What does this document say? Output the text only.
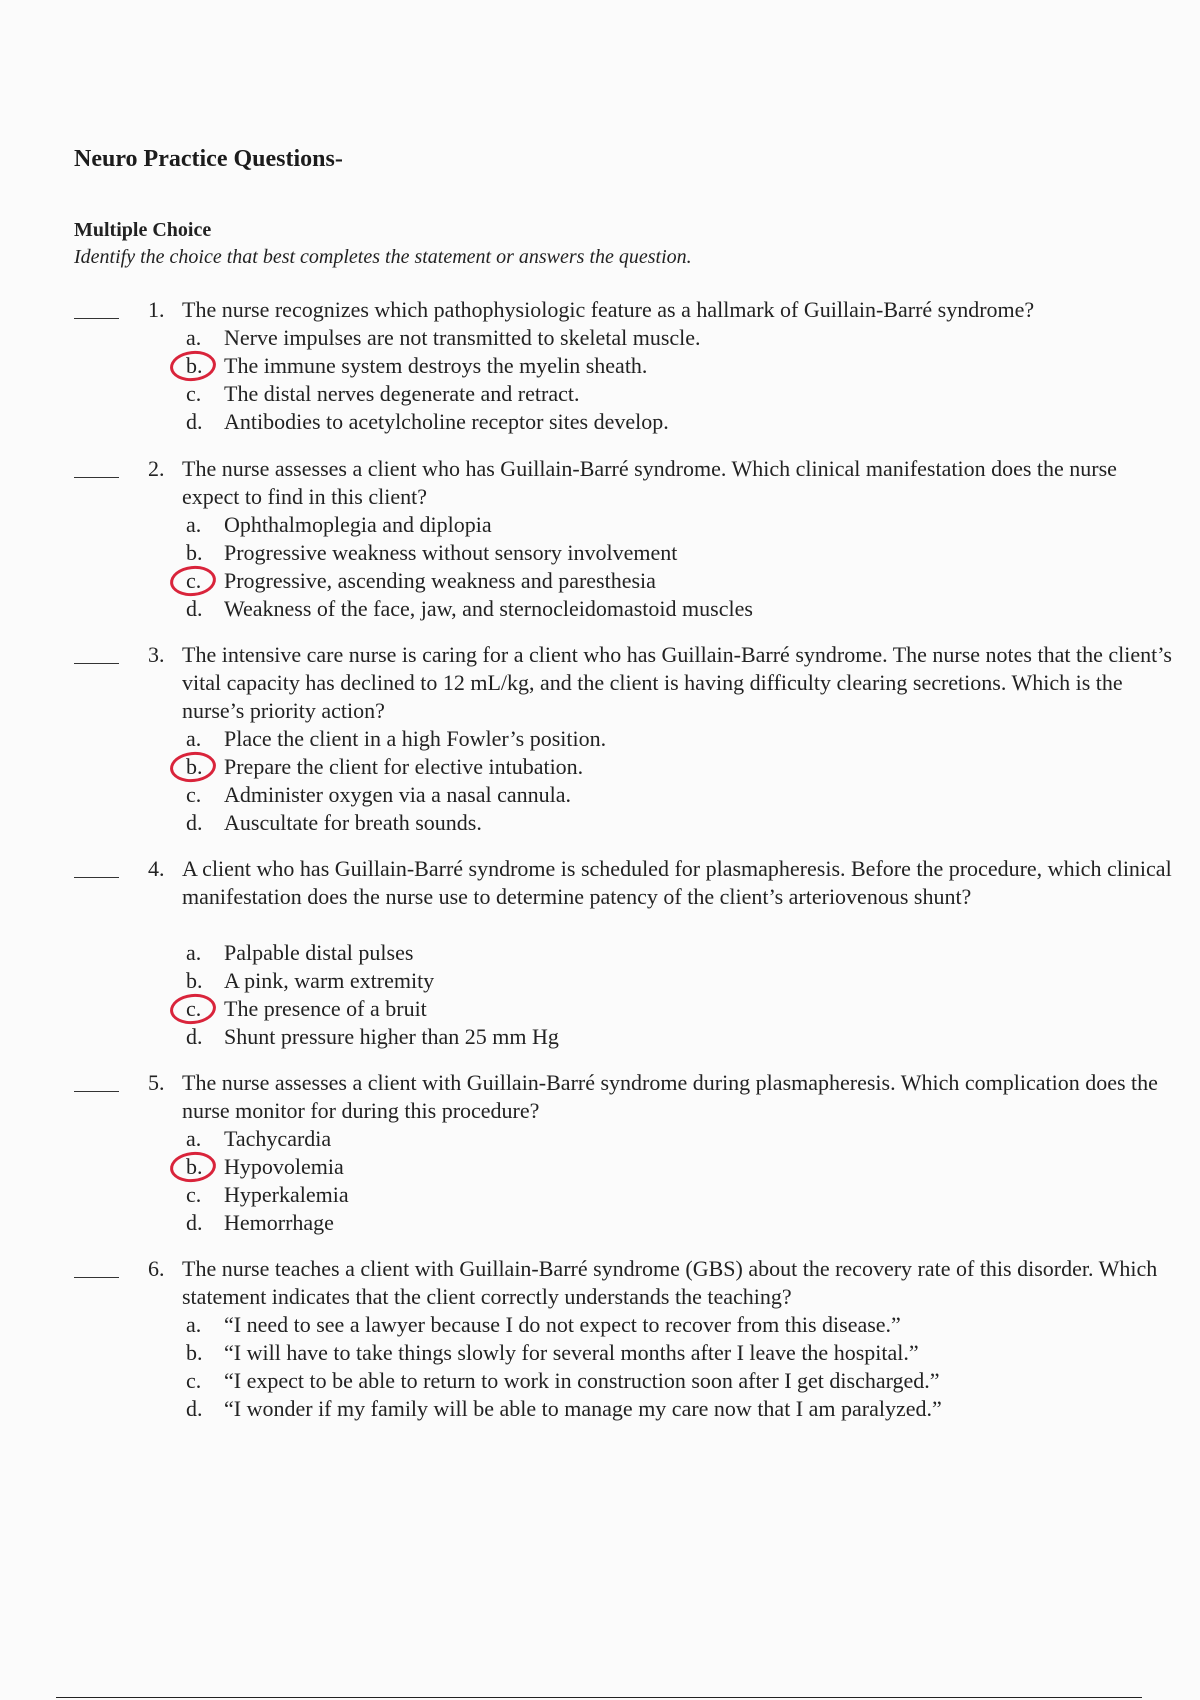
Neuro Practice Questions-
Multiple Choice
Identify the choice that best completes the statement or answers the question.
1. The nurse recognizes which pathophysiologic feature as a hallmark of Guillain-Barré syndrome?
a.	Nerve impulses are not transmitted to skeletal muscle.
b. The immune system destroys the myelin sheath.
c.	The distal nerves degenerate and retract.
d. Antibodies to acetylcholine receptor sites develop.
2. The nurse assesses a client who has Guillain-Barré syndrome. Which clinical manifestation does the nurse expect to find in this client?
a.	Ophthalmoplegia and diplopia
b. Progressive weakness without sensory involvement
c.	Progressive, ascending weakness and paresthesia
d. Weakness of the face, jaw, and sternocleidomastoid muscles
3. The intensive care nurse is caring for a client who has Guillain-Barré syndrome. The nurse notes that the client’s vital capacity has declined to 12 mL/kg, and the client is having difficulty clearing secretions. Which is the nurse’s priority action?
a.	Place the client in a high Fowler’s position.
b. Prepare the client for elective intubation.
c.	Administer oxygen via a nasal cannula.
d. Auscultate for breath sounds.
4. A client who has Guillain-Barré syndrome is scheduled for plasmapheresis. Before the procedure, which clinical manifestation does the nurse use to determine patency of the client’s arteriovenous shunt?
a.	Palpable distal pulses
b. A pink, warm extremity
c.	The presence of a bruit
d. Shunt pressure higher than 25 mm Hg
5. The nurse assesses a client with Guillain-Barré syndrome during plasmapheresis. Which complication does the nurse monitor for during this procedure?
a.	Tachycardia
b. Hypovolemia
c.	Hyperkalemia
d. Hemorrhage
6. The nurse teaches a client with Guillain-Barré syndrome (GBS) about the recovery rate of this disorder. Which statement indicates that the client correctly understands the teaching?
a.	“I need to see a lawyer because I do not expect to recover from this disease.”
b. “I will have to take things slowly for several months after I leave the hospital.”
c.	“I expect to be able to return to work in construction soon after I get discharged.”
d. “I wonder if my family will be able to manage my care now that I am paralyzed.”
